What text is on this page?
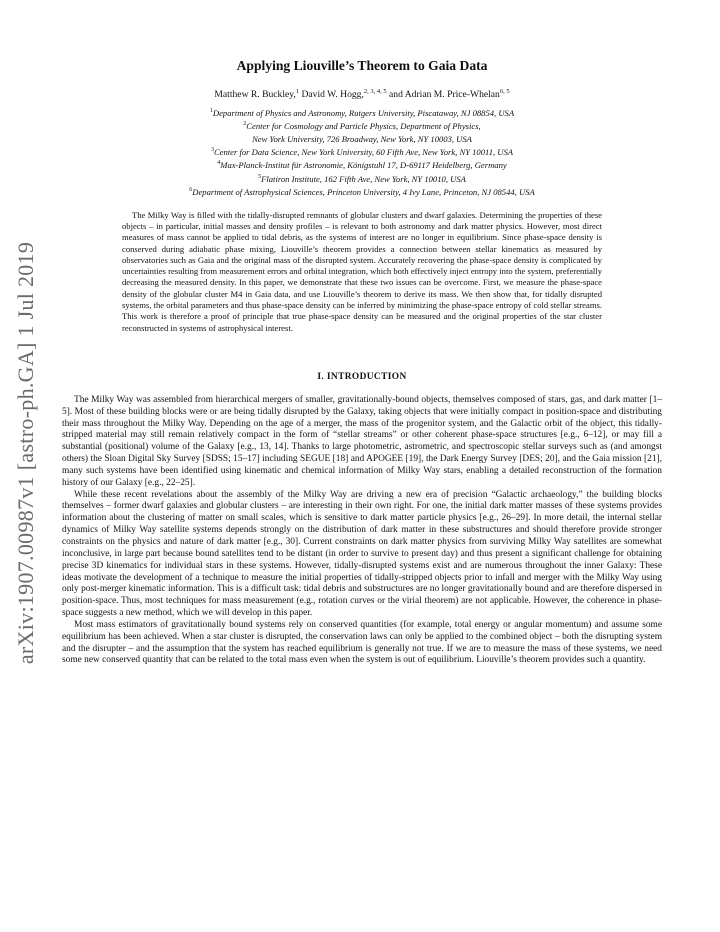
arXiv:1907.00987v1 [astro-ph.GA] 1 Jul 2019
Applying Liouville’s Theorem to Gaia Data
Matthew R. Buckley,$^1$ David W. Hogg,$^{2, 3, 4, 5}$ and Adrian M. Price-Whelan$^{6, 5}$
$^1$Department of Physics and Astronomy, Rutgers University, Piscataway, NJ 08854, USA
$^2$Center for Cosmology and Particle Physics, Department of Physics,
New York University, 726 Broadway, New York, NY 10003, USA
$^3$Center for Data Science, New York University, 60 Fifth Ave, New York, NY 10011, USA
$^4$Max-Planck-Institut für Astronomie, Königstuhl 17, D-69117 Heidelberg, Germany
$^5$Flatiron Institute, 162 Fifth Ave, New York, NY 10010, USA
$^6$Department of Astrophysical Sciences, Princeton University, 4 Ivy Lane, Princeton, NJ 08544, USA

The Milky Way is filled with the tidally-disrupted remnants of globular clusters and dwarf galaxies. Determining the properties of these objects – in particular, initial masses and density profiles – is relevant to both astronomy and dark matter physics. However, most direct measures of mass cannot be applied to tidal debris, as the systems of interest are no longer in equilibrium. Since phase-space density is conserved during adiabatic phase mixing, Liouville’s theorem provides a connection between stellar kinematics as measured by observatories such as Gaia and the original mass of the disrupted system. Accurately recovering the phase-space density is complicated by uncertainties resulting from measurement errors and orbital integration, which both effectively inject entropy into the system, preferentially decreasing the measured density. In this paper, we demonstrate that these two issues can be overcome. First, we measure the phase-space density of the globular cluster M4 in Gaia data, and use Liouville’s theorem to derive its mass. We then show that, for tidally disrupted systems, the orbital parameters and thus phase-space density can be inferred by minimizing the phase-space entropy of cold stellar streams. This work is therefore a proof of principle that true phase-space density can be measured and the original properties of the star cluster reconstructed in systems of astrophysical interest.

I. INTRODUCTION

The Milky Way was assembled from hierarchical mergers of smaller, gravitationally-bound objects, themselves composed of stars, gas, and dark matter [1–5]. Most of these building blocks were or are being tidally disrupted by the Galaxy, taking objects that were initially compact in position-space and distributing their mass throughout the Milky Way. Depending on the age of a merger, the mass of the progenitor system, and the Galactic orbit of the object, this tidally-stripped material may still remain relatively compact in the form of “stellar streams” or other coherent phase-space structures [e.g., 6–12], or may fill a substantial (positional) volume of the Galaxy [e.g., 13, 14]. Thanks to large photometric, astrometric, and spectroscopic stellar surveys such as (and amongst others) the Sloan Digital Sky Survey [SDSS; 15–17] including SEGUE [18] and APOGEE [19], the Dark Energy Survey [DES; 20], and the Gaia mission [21], many such systems have been identified using kinematic and chemical information of Milky Way stars, enabling a detailed reconstruction of the formation history of our Galaxy [e.g., 22–25].

While these recent revelations about the assembly of the Milky Way are driving a new era of precision “Galactic archaeology,” the building blocks themselves – former dwarf galaxies and globular clusters – are interesting in their own right. For one, the initial dark matter masses of these systems provides information about the clustering of matter on small scales, which is sensitive to dark matter particle physics [e.g., 26–29]. In more detail, the internal stellar dynamics of Milky Way satellite systems depends strongly on the distribution of dark matter in these substructures and should therefore provide stronger constraints on the physics and nature of dark matter [e.g., 30]. Current constraints on dark matter physics from surviving Milky Way satellites are somewhat inconclusive, in large part because bound satellites tend to be distant (in order to survive to present day) and thus present a significant challenge for obtaining precise 3D kinematics for individual stars in these systems. However, tidally-disrupted systems exist and are numerous throughout the inner Galaxy: These ideas motivate the development of a technique to measure the initial properties of tidally-stripped objects prior to infall and merger with the Milky Way using only post-merger kinematic information. This is a difficult task: tidal debris and substructures are no longer gravitationally bound and are therefore dispersed in position-space. Thus, most techniques for mass measurement (e.g., rotation curves or the virial theorem) are not applicable. However, the coherence in phase-space suggests a new method, which we will develop in this paper.

Most mass estimators of gravitationally bound systems rely on conserved quantities (for example, total energy or angular momentum) and assume some equilibrium has been achieved. When a star cluster is disrupted, the conservation laws can only be applied to the combined object – both the disrupting system and the disrupter – and the assumption that the system has reached equilibrium is generally not true. If we are to measure the mass of these systems, we need some new conserved quantity that can be related to the total mass even when the system is out of equilibrium. Liouville’s theorem provides such a quantity.
